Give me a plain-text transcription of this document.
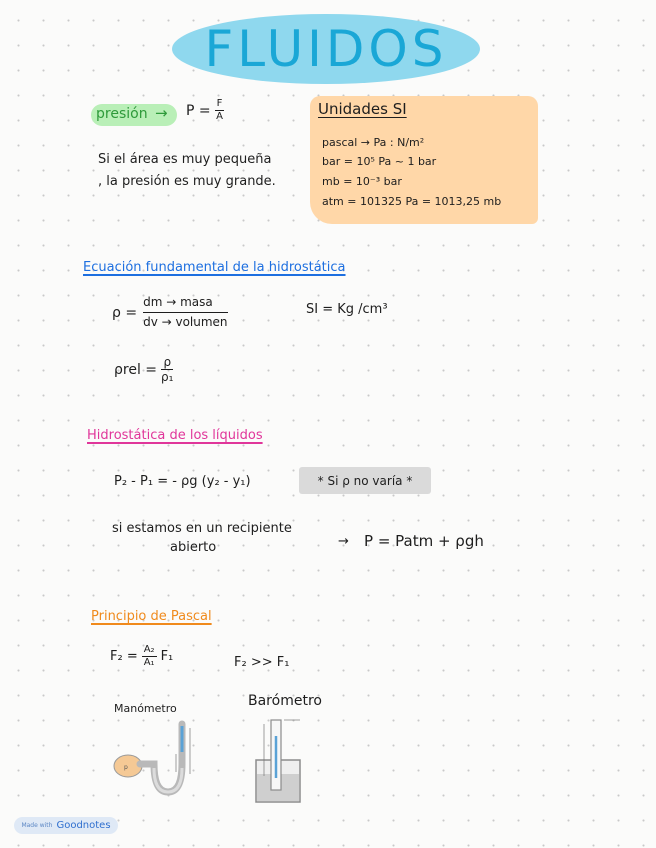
FLUIDOS
presión → $P = \frac{F}{A}$
Si el área es muy pequeña , la presión es muy grande.
Unidades SI
pascal → Pa : N/m²
bar = 10⁵ Pa ~ 1 bar
mb = 10⁻³ bar
atm = 101325 Pa = 1013,25 mb
Ecuación fundamental de la hidrostática
ρ =
dm → masa
dv → volumen
SI = Kg /cm³
$\rho rel = \frac{\rho}{\text{ρ₁}}$
Hidrostática de los líquidos
P₂ - P₁ = - ρg (y₂ - y₁)	* Si ρ no varía *
si estamos en un recipiente
abierto	→ P = Patm + ρgh
Principio de Pascal
$F_2 = \frac{\text{A₂}}{\text{A₁}} F_1$	F₂ >> F₁
Manómetro	Barómetro
p
Made with Goodnotes
